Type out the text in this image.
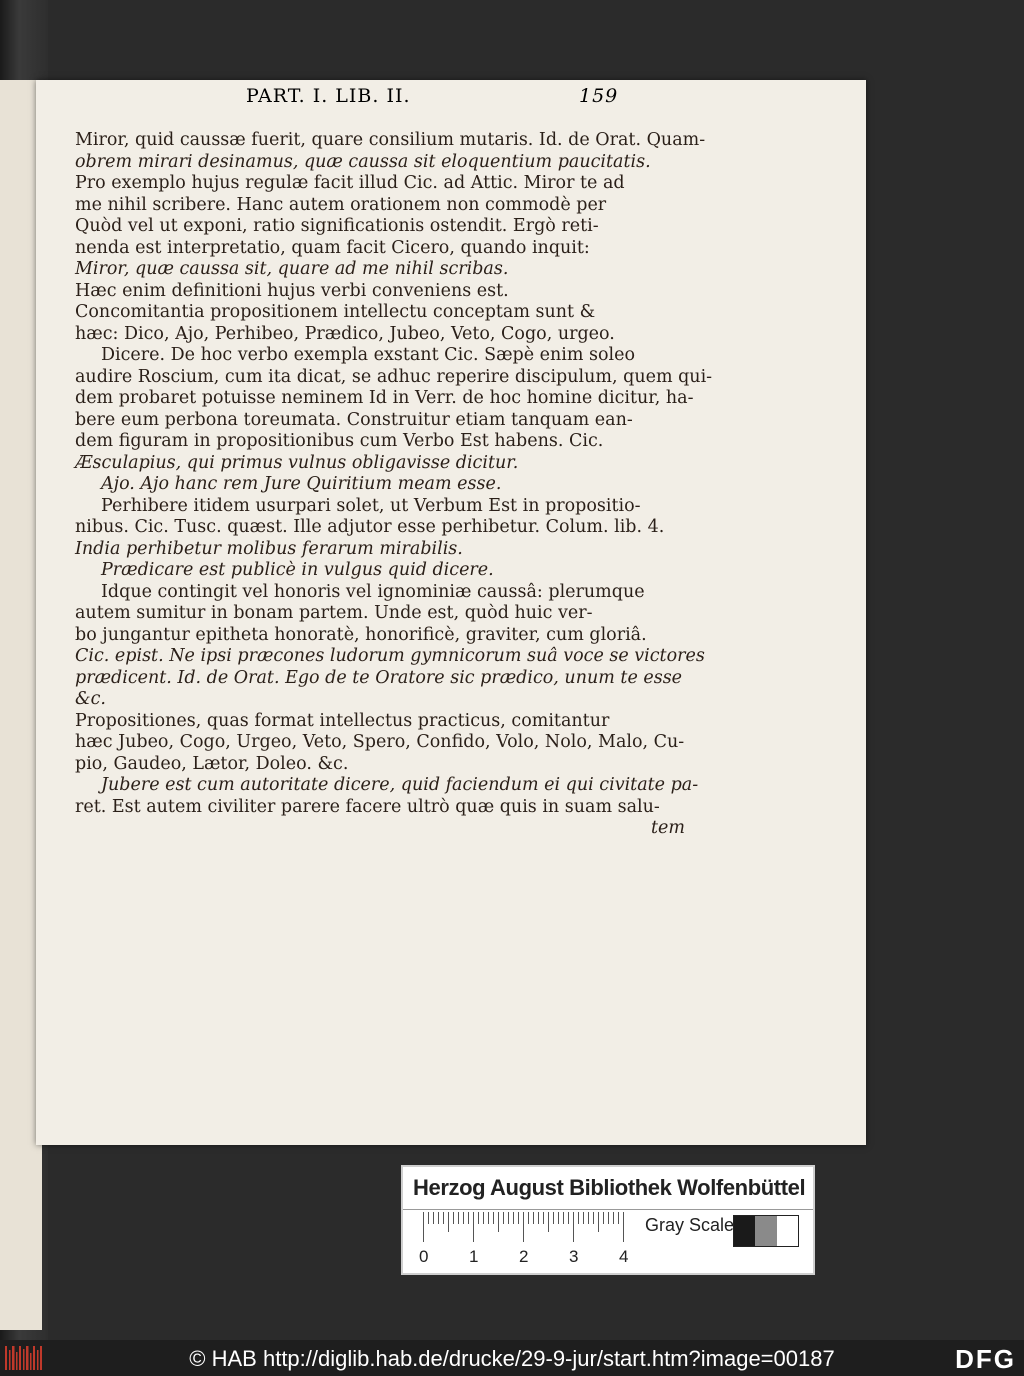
PART. I. LIB. II.	159
Miror, quid caussæ fuerit, quare consilium mutaris. Id. de Orat. Quam-
obrem mirari desinamus, quæ caussa sit eloquentium paucitatis.
Pro exemplo hujus regulæ facit illud Cic. ad Attic. Miror te ad
me nihil scribere. Hanc autem orationem non commodè per
Quòd vel ut exponi, ratio significationis ostendit. Ergò reti-
nenda est interpretatio, quam facit Cicero, quando inquit:
Miror, quæ caussa sit, quare ad me nihil scribas.
Hæc enim definitioni hujus verbi conveniens est.
Concomitantia propositionem intellectu conceptam sunt &
hæc: Dico, Ajo, Perhibeo, Prædico, Jubeo, Veto, Cogo, urgeo.
Dicere. De hoc verbo exempla exstant Cic. Sæpè enim soleo
audire Roscium, cum ita dicat, se adhuc reperire discipulum, quem qui-
dem probaret potuisse neminem Id in Verr. de hoc homine dicitur, ha-
bere eum perbona toreumata. Construitur etiam tanquam ean-
dem figuram in propositionibus cum Verbo Est habens. Cic.
Æsculapius, qui primus vulnus obligavisse dicitur.
Ajo. Ajo hanc rem Jure Quiritium meam esse.
Perhibere itidem usurpari solet, ut Verbum Est in propositio-
nibus. Cic. Tusc. quæst. Ille adjutor esse perhibetur. Colum. lib. 4.
India perhibetur molibus ferarum mirabilis.
Prædicare est publicè in vulgus quid dicere.
Idque contingit vel honoris vel ignominiæ caussâ: plerumque
autem sumitur in bonam partem. Unde est, quòd huic ver-
bo jungantur epitheta honoratè, honorificè, graviter, cum gloriâ.
Cic. epist. Ne ipsi præcones ludorum gymnicorum suâ voce se victores
prædicent. Id. de Orat. Ego de te Oratore sic prædico, unum te esse
&c.
Propositiones, quas format intellectus practicus, comitantur
hæc Jubeo, Cogo, Urgeo, Veto, Spero, Confido, Volo, Nolo, Malo, Cu-
pio, Gaudeo, Lætor, Doleo. &c.
Jubere est cum autoritate dicere, quid faciendum ei qui civitate pa-
ret. Est autem civiliter parere facere ultrò quæ quis in suam salu-
tem
Herzog August Bibliothek Wolfenbüttel
0 1 2 3 4
Gray Scale
© HAB http://diglib.hab.de/drucke/29-9-jur/start.htm?image=00187	DFG
